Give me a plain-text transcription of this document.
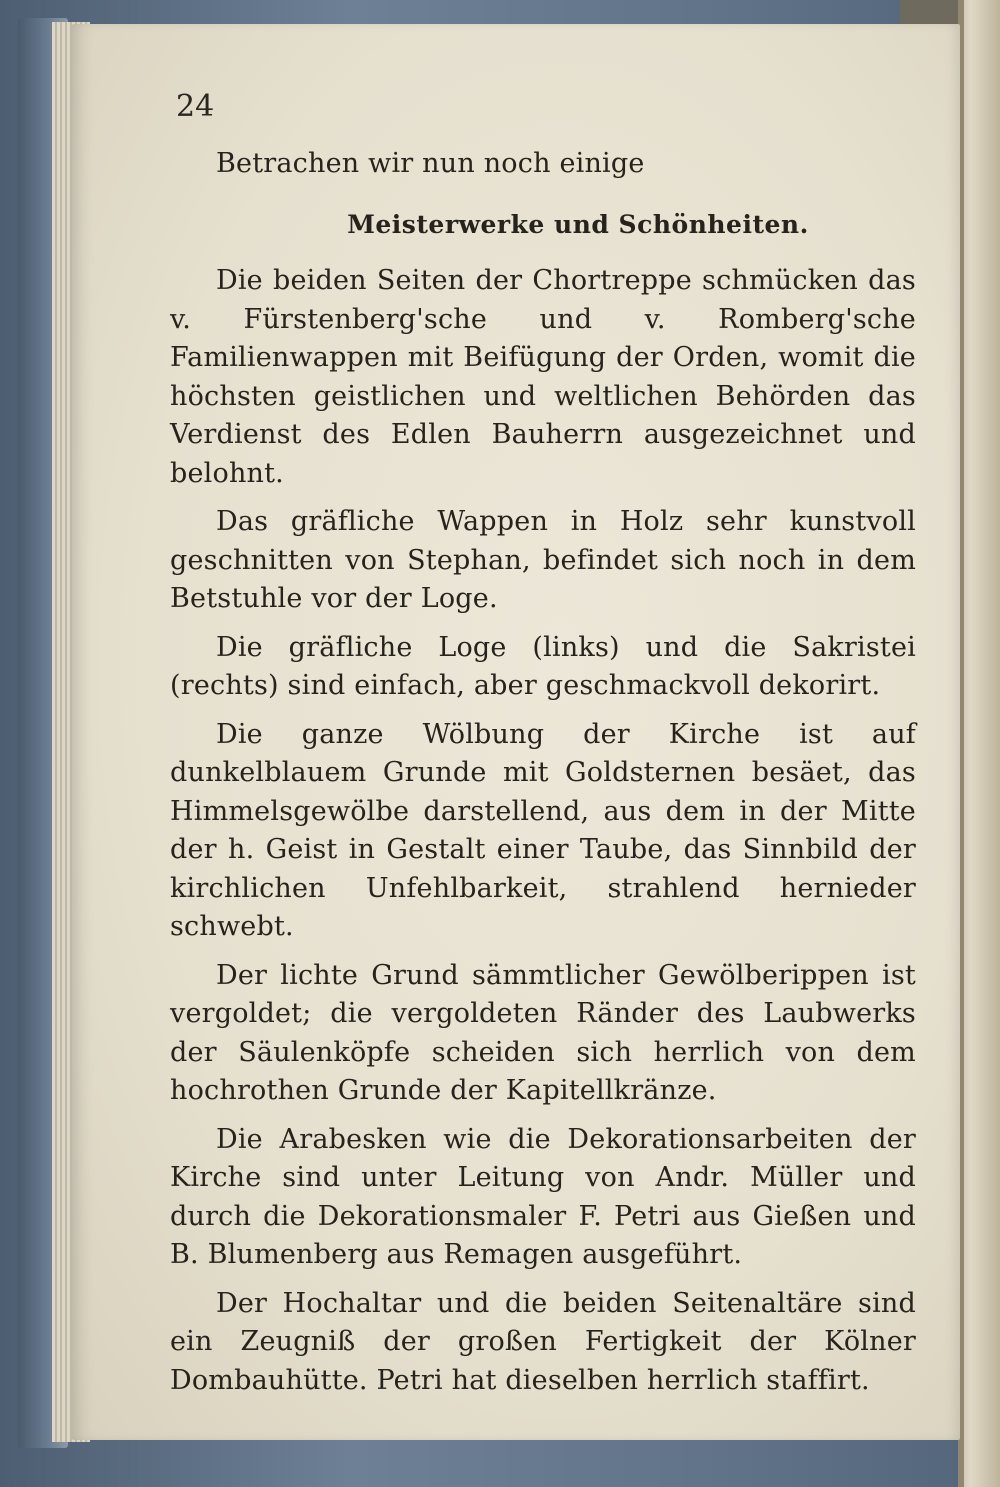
24

Betrachen wir nun noch einige

Meisterwerke und Schönheiten.

Die beiden Seiten der Chortreppe schmücken das v. Fürstenberg'sche und v. Romberg'sche Familienwappen mit Beifügung der Orden, womit die höchsten geistlichen und weltlichen Behörden das Verdienst des Edlen Bauherrn ausgezeichnet und belohnt.

Das gräfliche Wappen in Holz sehr kunstvoll geschnitten von Stephan, befindet sich noch in dem Betstuhle vor der Loge.

Die gräfliche Loge (links) und die Sakristei (rechts) sind einfach, aber geschmackvoll dekorirt.

Die ganze Wölbung der Kirche ist auf dunkelblauem Grunde mit Goldsternen besäet, das Himmelsgewölbe darstellend, aus dem in der Mitte der h. Geist in Gestalt einer Taube, das Sinnbild der kirchlichen Unfehlbarkeit, strahlend hernieder schwebt.

Der lichte Grund sämmtlicher Gewölberippen ist vergoldet; die vergoldeten Ränder des Laubwerks der Säulenköpfe scheiden sich herrlich von dem hochrothen Grunde der Kapitellkränze.

Die Arabesken wie die Dekorationsarbeiten der Kirche sind unter Leitung von Andr. Müller und durch die Dekorationsmaler F. Petri aus Gießen und B. Blumenberg aus Remagen ausgeführt.

Der Hochaltar und die beiden Seitenaltäre sind ein Zeugniß der großen Fertigkeit der Kölner Dombauhütte. Petri hat dieselben herrlich staffirt.
